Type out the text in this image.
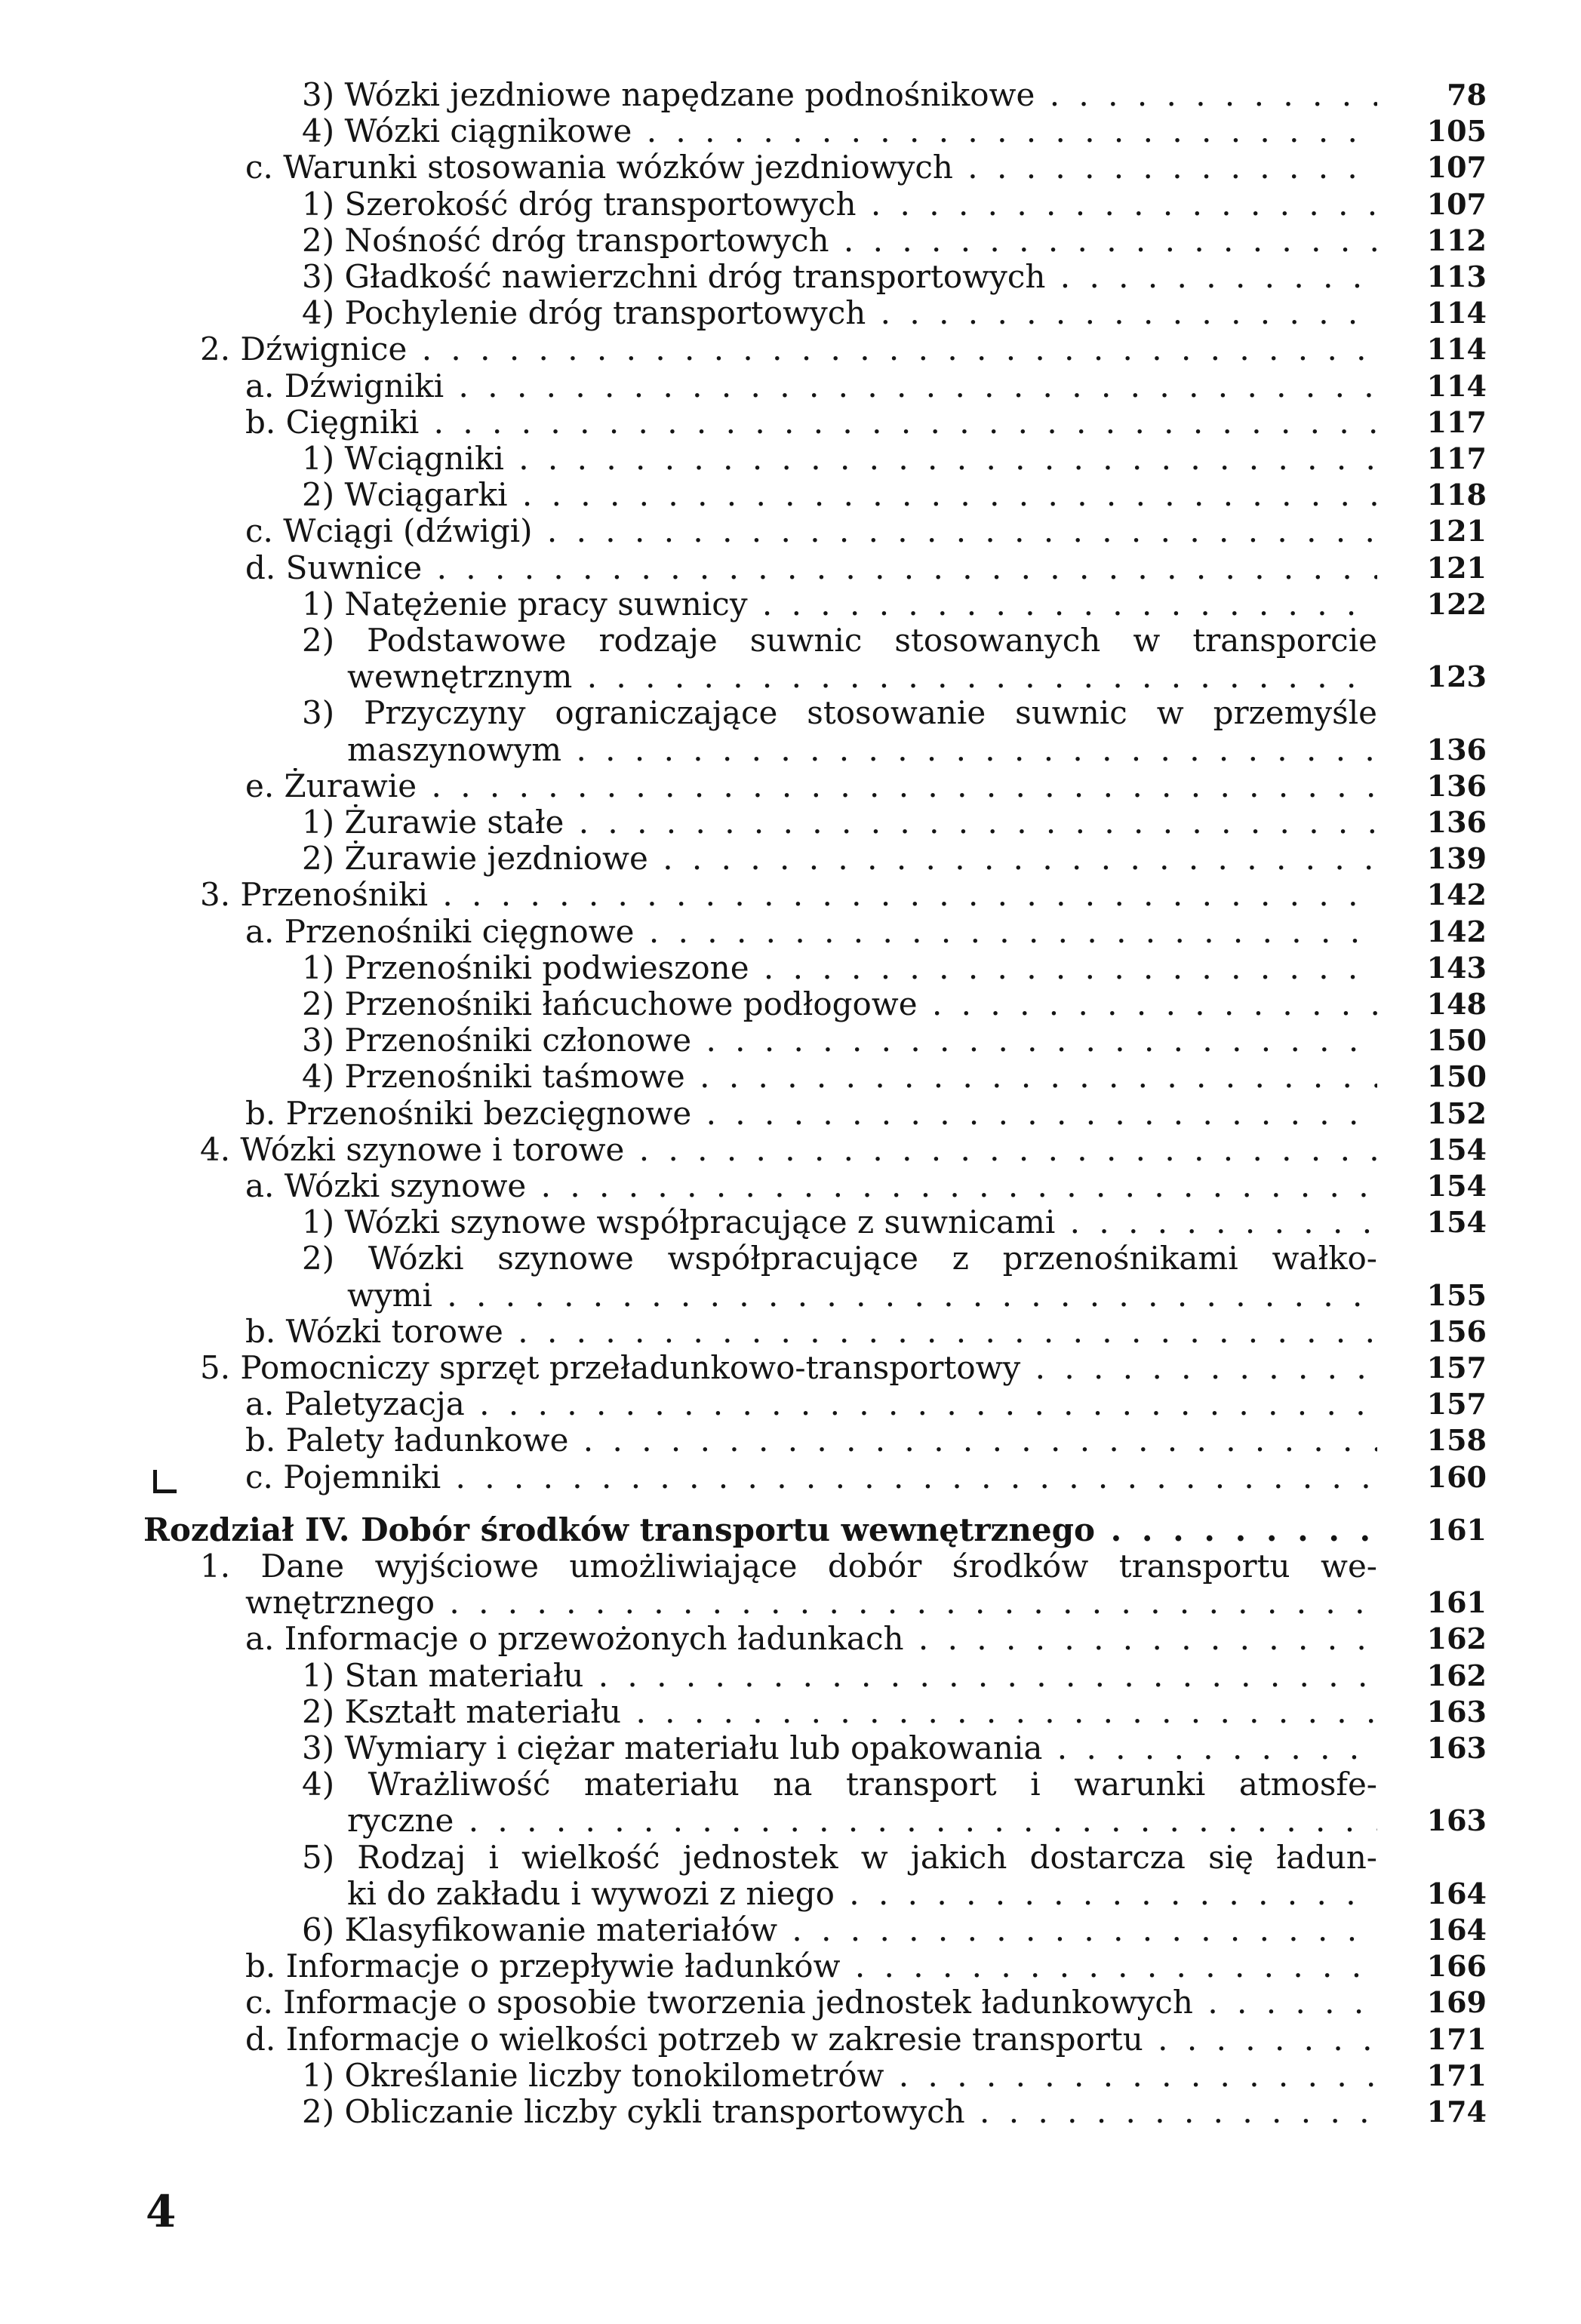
3) Wózki jezdniowe napędzane podnośnikowe . . .	78
4) Wózki ciągnikowe . . .	105
c. Warunki stosowania wózków jezdniowych . . .	107
1) Szerokość dróg transportowych . . .	107
2) Nośność dróg transportowych . . .	112
3) Gładkość nawierzchni dróg transportowych . . .	113
4) Pochylenie dróg transportowych . . .	114
2. Dźwignice . . .	114
a. Dźwigniki . . .	114
b. Cięgniki . . .	117
1) Wciągniki . . .	117
2) Wciągarki . . .	118
c. Wciągi (dźwigi) . . .	121
d. Suwnice . . .	121
1) Natężenie pracy suwnicy . . .	122
2) Podstawowe rodzaje suwnic stosowanych w transporcie
wewnętrznym . . .	123
3) Przyczyny ograniczające stosowanie suwnic w przemyśle
maszynowym . . .	136
e. Żurawie . . .	136
1) Żurawie stałe . . .	136
2) Żurawie jezdniowe . . .	139
3. Przenośniki . . .	142
a. Przenośniki cięgnowe . . .	142
1) Przenośniki podwieszone . . .	143
2) Przenośniki łańcuchowe podłogowe . . .	148
3) Przenośniki członowe . . .	150
4) Przenośniki taśmowe . . .	150
b. Przenośniki bezcięgnowe . . .	152
4. Wózki szynowe i torowe . . .	154
a. Wózki szynowe . . .	154
1) Wózki szynowe współpracujące z suwnicami . . .	154
2) Wózki szynowe współpracujące z przenośnikami wałko-
wymi . . .	155
b. Wózki torowe . . .	156
5. Pomocniczy sprzęt przeładunkowo-transportowy . . .	157
a. Paletyzacja . . .	157
b. Palety ładunkowe . . .	158
c. Pojemniki . . .	160
Rozdział IV. Dobór środków transportu wewnętrznego . . .	161
1. Dane wyjściowe umożliwiające dobór środków transportu we-
wnętrznego . . .	161
a. Informacje o przewożonych ładunkach . . .	162
1) Stan materiału . . .	162
2) Kształt materiału . . .	163
3) Wymiary i ciężar materiału lub opakowania . . .	163
4) Wrażliwość materiału na transport i warunki atmosfe-
ryczne . . .	163
5) Rodzaj i wielkość jednostek w jakich dostarcza się ładun-
ki do zakładu i wywozi z niego . . .	164
6) Klasyfikowanie materiałów . . .	164
b. Informacje o przepływie ładunków . . .	166
c. Informacje o sposobie tworzenia jednostek ładunkowych . . .	169
d. Informacje o wielkości potrzeb w zakresie transportu . . .	171
1) Określanie liczby tonokilometrów . . .	171
2) Obliczanie liczby cykli transportowych . . .	174
4
